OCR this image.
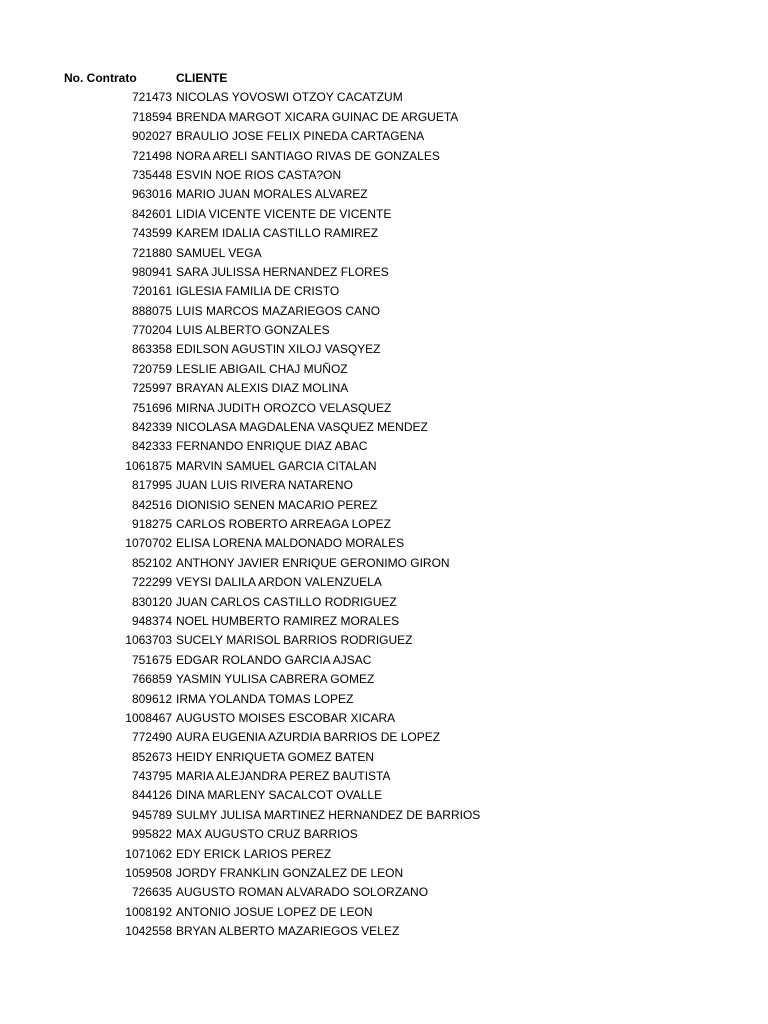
No. Contrato	CLIENTE
721473 NICOLAS YOVOSWI OTZOY CACATZUM
718594 BRENDA MARGOT XICARA GUINAC DE ARGUETA
902027 BRAULIO JOSE FELIX PINEDA CARTAGENA
721498 NORA ARELI SANTIAGO RIVAS DE GONZALES
735448 ESVIN NOE RIOS CASTA?ON
963016 MARIO JUAN MORALES ALVAREZ
842601 LIDIA VICENTE VICENTE DE VICENTE
743599 KAREM IDALIA CASTILLO RAMIREZ
721880 SAMUEL VEGA
980941 SARA JULISSA HERNANDEZ FLORES
720161 IGLESIA FAMILIA DE CRISTO
888075 LUIS MARCOS MAZARIEGOS CANO
770204 LUIS ALBERTO GONZALES
863358 EDILSON AGUSTIN XILOJ VASQYEZ
720759 LESLIE ABIGAIL CHAJ MUÑOZ
725997 BRAYAN ALEXIS DIAZ MOLINA
751696 MIRNA JUDITH OROZCO VELASQUEZ
842339 NICOLASA MAGDALENA VASQUEZ MENDEZ
842333 FERNANDO ENRIQUE DIAZ ABAC
1061875 MARVIN SAMUEL GARCIA CITALAN
817995 JUAN LUIS RIVERA NATARENO
842516 DIONISIO SENEN MACARIO PEREZ
918275 CARLOS ROBERTO ARREAGA LOPEZ
1070702 ELISA LORENA MALDONADO MORALES
852102 ANTHONY JAVIER ENRIQUE GERONIMO GIRON
722299 VEYSI DALILA ARDON VALENZUELA
830120 JUAN CARLOS CASTILLO RODRIGUEZ
948374 NOEL HUMBERTO RAMIREZ MORALES
1063703 SUCELY MARISOL BARRIOS RODRIGUEZ
751675 EDGAR ROLANDO GARCIA AJSAC
766859 YASMIN YULISA CABRERA GOMEZ
809612 IRMA YOLANDA TOMAS LOPEZ
1008467 AUGUSTO MOISES ESCOBAR XICARA
772490 AURA EUGENIA AZURDIA BARRIOS DE LOPEZ
852673 HEIDY ENRIQUETA GOMEZ BATEN
743795 MARIA ALEJANDRA PEREZ BAUTISTA
844126 DINA MARLENY SACALCOT OVALLE
945789 SULMY JULISA MARTINEZ HERNANDEZ DE BARRIOS
995822 MAX AUGUSTO CRUZ BARRIOS
1071062 EDY ERICK LARIOS PEREZ
1059508 JORDY FRANKLIN GONZALEZ DE LEON
726635 AUGUSTO ROMAN ALVARADO SOLORZANO
1008192 ANTONIO JOSUE LOPEZ DE LEON
1042558 BRYAN ALBERTO MAZARIEGOS VELEZ
